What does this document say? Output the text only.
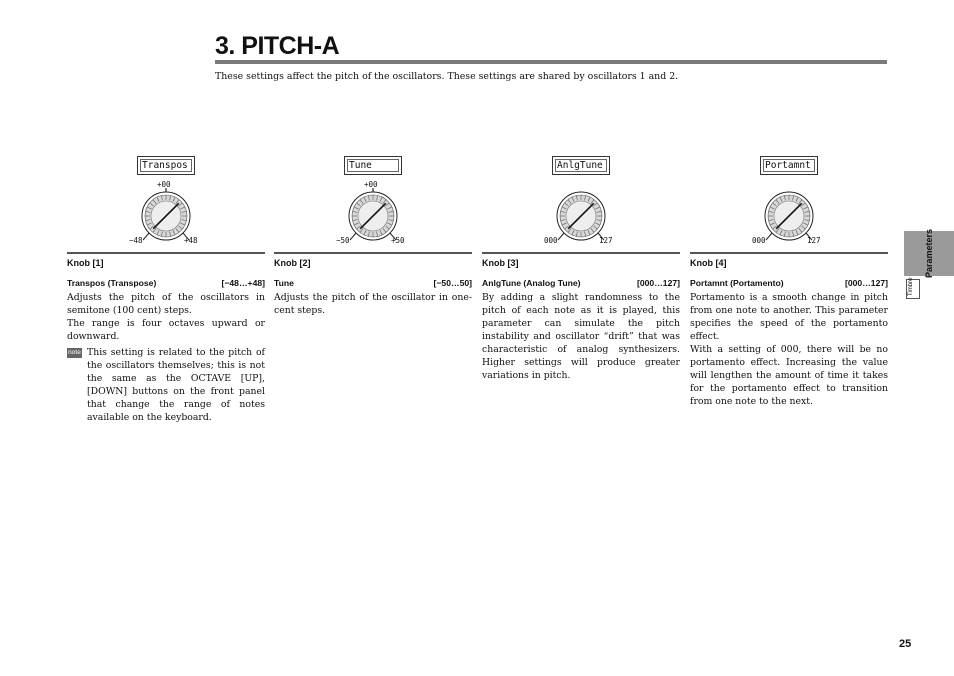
3. PITCH-A
These settings affect the pitch of the oscillators. These settings are shared by oscillators 1 and 2.
Transpos
+00
−48	+48
Knob [1]
Transpos (Transpose)	[−48…+48]

Adjusts the pitch of the oscillators in semitone (100 cent) steps.

The range is four octaves upward or downward.

note This setting is related to the pitch of the oscillators themselves; this is not the same as the OCTAVE [UP], [DOWN] buttons on the front panel that change the range of notes available on the keyboard.

Tune
+00
−50	+50
Knob [2]
Tune	[−50…50]

Adjusts the pitch of the oscillator in one-cent steps.

AnlgTune
000	127
Knob [3]
AnlgTune (Analog Tune)	[000…127]

By adding a slight randomness to the pitch of each note as it is played, this parameter can simulate the pitch instability and oscillator “drift” that was characteristic of analog synthesizers. Higher settings will produce greater variations in pitch.

Portamnt
000	127
Knob [4]
Portamnt (Portamento)	[000…127]

Portamento is a smooth change in pitch from one note to another. This parameter specifies the speed of the portamento effect.

With a setting of 000, there will be no portamento effect. Increasing the value will lengthen the amount of time it takes for the portamento effect to transition from one note to the next.

Parameters
Timbre
25
